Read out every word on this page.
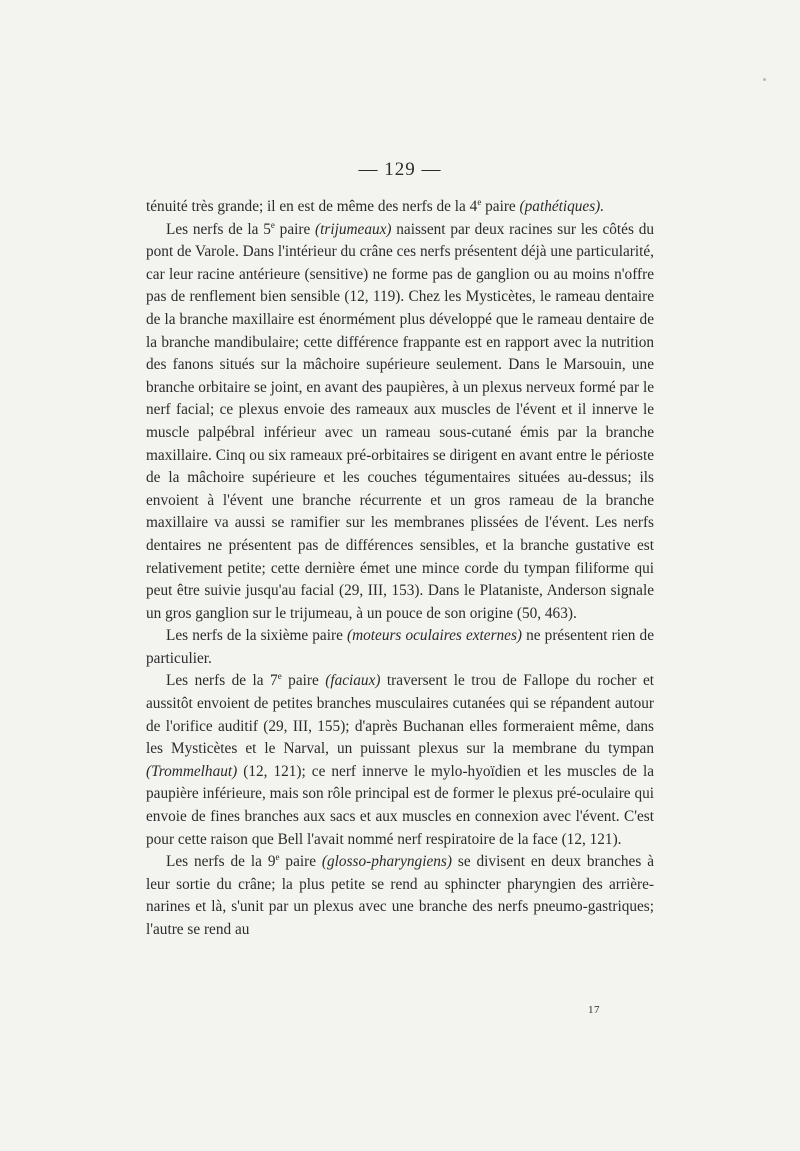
— 129 —

ténuité très grande; il en est de même des nerfs de la 4e paire (pathétiques).

Les nerfs de la 5e paire (trijumeaux) naissent par deux racines sur les côtés du pont de Varole. Dans l'intérieur du crâne ces nerfs présentent déjà une particularité, car leur racine antérieure (sensitive) ne forme pas de ganglion ou au moins n'offre pas de renflement bien sensible (12, 119). Chez les Mysticètes, le rameau dentaire de la branche maxillaire est énormément plus développé que le rameau dentaire de la branche mandibulaire; cette différence frappante est en rapport avec la nutrition des fanons situés sur la mâchoire supérieure seulement. Dans le Marsouin, une branche orbitaire se joint, en avant des paupières, à un plexus nerveux formé par le nerf facial; ce plexus envoie des rameaux aux muscles de l'évent et il innerve le muscle palpébral inférieur avec un rameau sous-cutané émis par la branche maxillaire. Cinq ou six rameaux pré-orbitaires se dirigent en avant entre le périoste de la mâchoire supérieure et les couches tégumentaires situées au-dessus; ils envoient à l'évent une branche récurrente et un gros rameau de la branche maxillaire va aussi se ramifier sur les membranes plissées de l'évent. Les nerfs dentaires ne présentent pas de différences sensibles, et la branche gustative est relativement petite; cette dernière émet une mince corde du tympan filiforme qui peut être suivie jusqu'au facial (29, III, 153). Dans le Plataniste, Anderson signale un gros ganglion sur le trijumeau, à un pouce de son origine (50, 463).

Les nerfs de la sixième paire (moteurs oculaires externes) ne présentent rien de particulier.

Les nerfs de la 7e paire (faciaux) traversent le trou de Fallope du rocher et aussitôt envoient de petites branches musculaires cutanées qui se répandent autour de l'orifice auditif (29, III, 155); d'après Buchanan elles formeraient même, dans les Mysticètes et le Narval, un puissant plexus sur la membrane du tympan (Trommelhaut) (12, 121); ce nerf innerve le mylo-hyoïdien et les muscles de la paupière inférieure, mais son rôle principal est de former le plexus pré-oculaire qui envoie de fines branches aux sacs et aux muscles en connexion avec l'évent. C'est pour cette raison que Bell l'avait nommé nerf respiratoire de la face (12, 121).

Les nerfs de la 9e paire (glosso-pharyngiens) se divisent en deux branches à leur sortie du crâne; la plus petite se rend au sphincter pharyngien des arrière-narines et là, s'unit par un plexus avec une branche des nerfs pneumo-gastriques; l'autre se rend au

17
